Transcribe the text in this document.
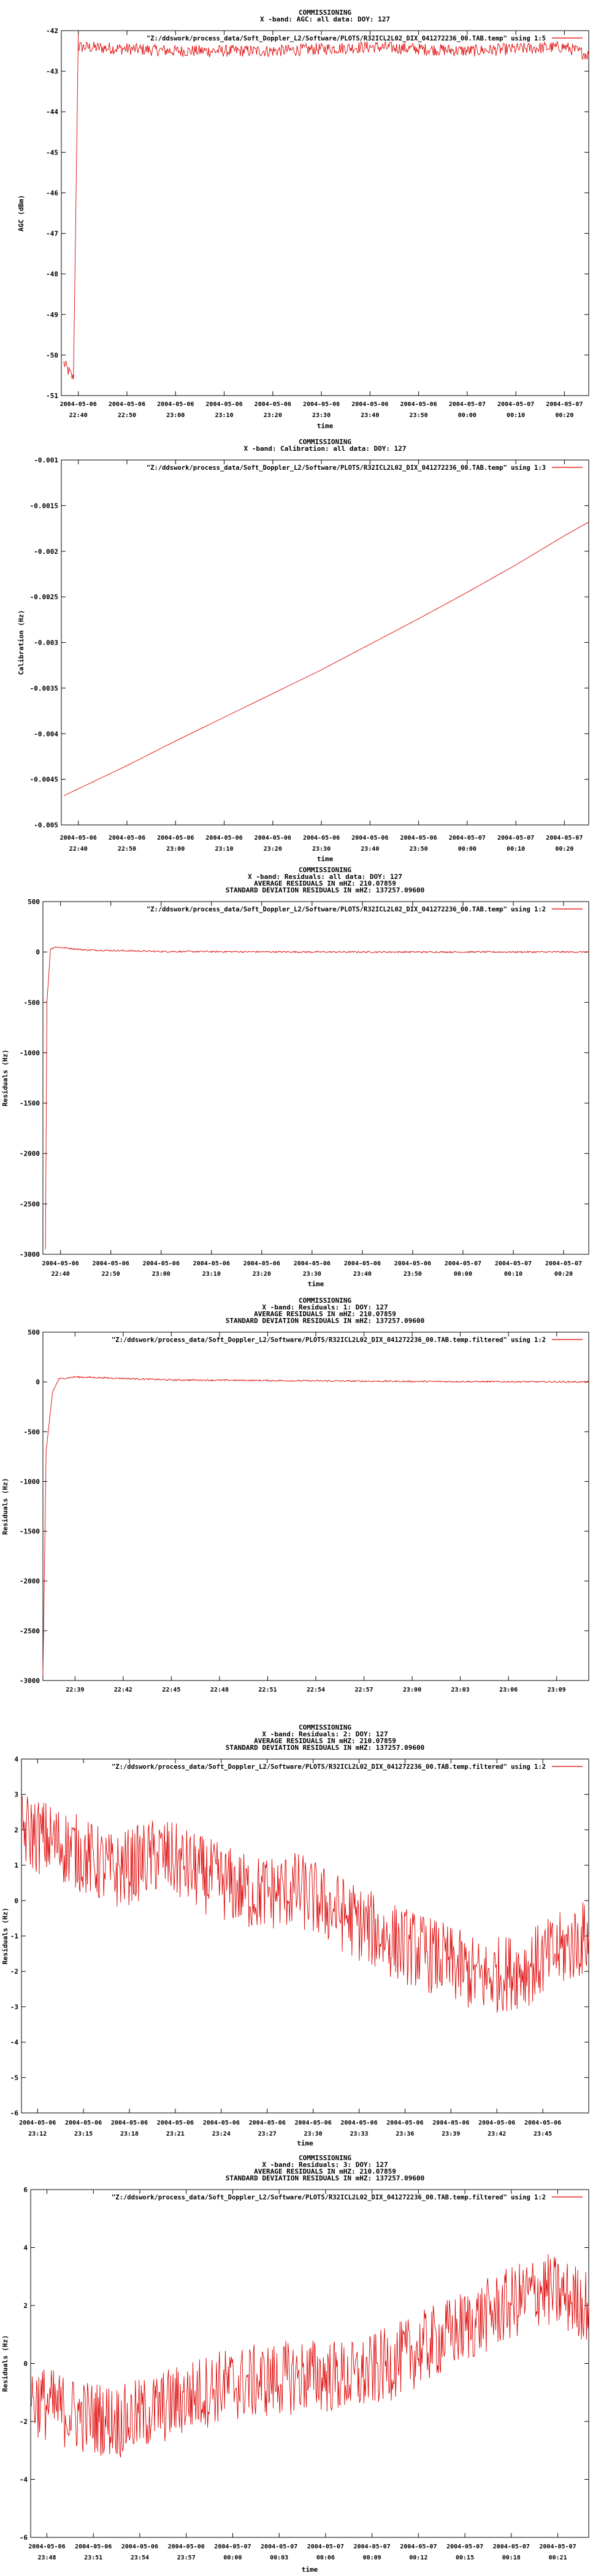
COMMISSIONING
X -band: AGC: all data: DOY: 127
-42
-43
-44
-45
-46
-47
-48
-49
-50
-51
AGC (dBm)
2004-05-06
22:40
2004-05-06
22:50
2004-05-06
23:00
2004-05-06
23:10
2004-05-06
23:20
2004-05-06
23:30
2004-05-06
23:40
2004-05-06
23:50
2004-05-07
00:00
2004-05-07
00:10
2004-05-07
00:20
time
"Z:/ddswork/process_data/Soft_Doppler_L2/Software/PLOTS/R32ICL2L02_DIX_041272236_00.TAB.temp" using 1:5
COMMISSIONING
X -band: Calibration: all data: DOY: 127
-0.001
-0.0015
-0.002
-0.0025
-0.003
-0.0035
-0.004
-0.0045
-0.005
Calibration (Hz)
2004-05-06
22:40
2004-05-06
22:50
2004-05-06
23:00
2004-05-06
23:10
2004-05-06
23:20
2004-05-06
23:30
2004-05-06
23:40
2004-05-06
23:50
2004-05-07
00:00
2004-05-07
00:10
2004-05-07
00:20
time
"Z:/ddswork/process_data/Soft_Doppler_L2/Software/PLOTS/R32ICL2L02_DIX_041272236_00.TAB.temp" using 1:3
COMMISSIONING
X -band: Residuals: all data: DOY: 127
AVERAGE RESIDUALS IN mHZ: 210.07859
STANDARD DEVIATION RESIDUALS IN mHZ: 137257.09600
500
0
-500
-1000
-1500
-2000
-2500
-3000
Residuals (Hz)
2004-05-06
22:40
2004-05-06
22:50
2004-05-06
23:00
2004-05-06
23:10
2004-05-06
23:20
2004-05-06
23:30
2004-05-06
23:40
2004-05-06
23:50
2004-05-07
00:00
2004-05-07
00:10
2004-05-07
00:20
time
"Z:/ddswork/process_data/Soft_Doppler_L2/Software/PLOTS/R32ICL2L02_DIX_041272236_00.TAB.temp" using 1:2
COMMISSIONING
X -band: Residuals: 1: DOY: 127
AVERAGE RESIDUALS IN mHZ: 210.07859
STANDARD DEVIATION RESIDUALS IN mHZ: 137257.09600
500
0
-500
-1000
-1500
-2000
-2500
-3000
Residuals (Hz)
22:39	22:42	22:45	22:48	22:51	22:54	22:57	23:00	23:03	23:06	23:09
"Z:/ddswork/process_data/Soft_Doppler_L2/Software/PLOTS/R32ICL2L02_DIX_041272236_00.TAB.temp.filtered" using 1:2
COMMISSIONING
X -band: Residuals: 2: DOY: 127
AVERAGE RESIDUALS IN mHZ: 210.07859
STANDARD DEVIATION RESIDUALS IN mHZ: 137257.09600
4
3
2
1
0
-1
-2
-3
-4
-5
-6
Residuals (Hz)
2004-05-06
23:12
2004-05-06
23:15
2004-05-06
23:18
2004-05-06
23:21
2004-05-06
23:24
2004-05-06
23:27
2004-05-06
23:30
2004-05-06
23:33
2004-05-06
23:36
2004-05-06
23:39
2004-05-06
23:42
2004-05-06
23:45
time
"Z:/ddswork/process_data/Soft_Doppler_L2/Software/PLOTS/R32ICL2L02_DIX_041272236_00.TAB.temp.filtered" using 1:2
COMMISSIONING
X -band: Residuals: 3: DOY: 127
AVERAGE RESIDUALS IN mHZ: 210.07859
STANDARD DEVIATION RESIDUALS IN mHZ: 137257.09600
6
4
2
0
-2
-4
-6
Residuals (Hz)
2004-05-06
23:48
2004-05-06
23:51
2004-05-06
23:54
2004-05-06
23:57
2004-05-07
00:00
2004-05-07
00:03
2004-05-07
00:06
2004-05-07
00:09
2004-05-07
00:12
2004-05-07
00:15
2004-05-07
00:18
2004-05-07
00:21
time
"Z:/ddswork/process_data/Soft_Doppler_L2/Software/PLOTS/R32ICL2L02_DIX_041272236_00.TAB.temp.filtered" using 1:2
